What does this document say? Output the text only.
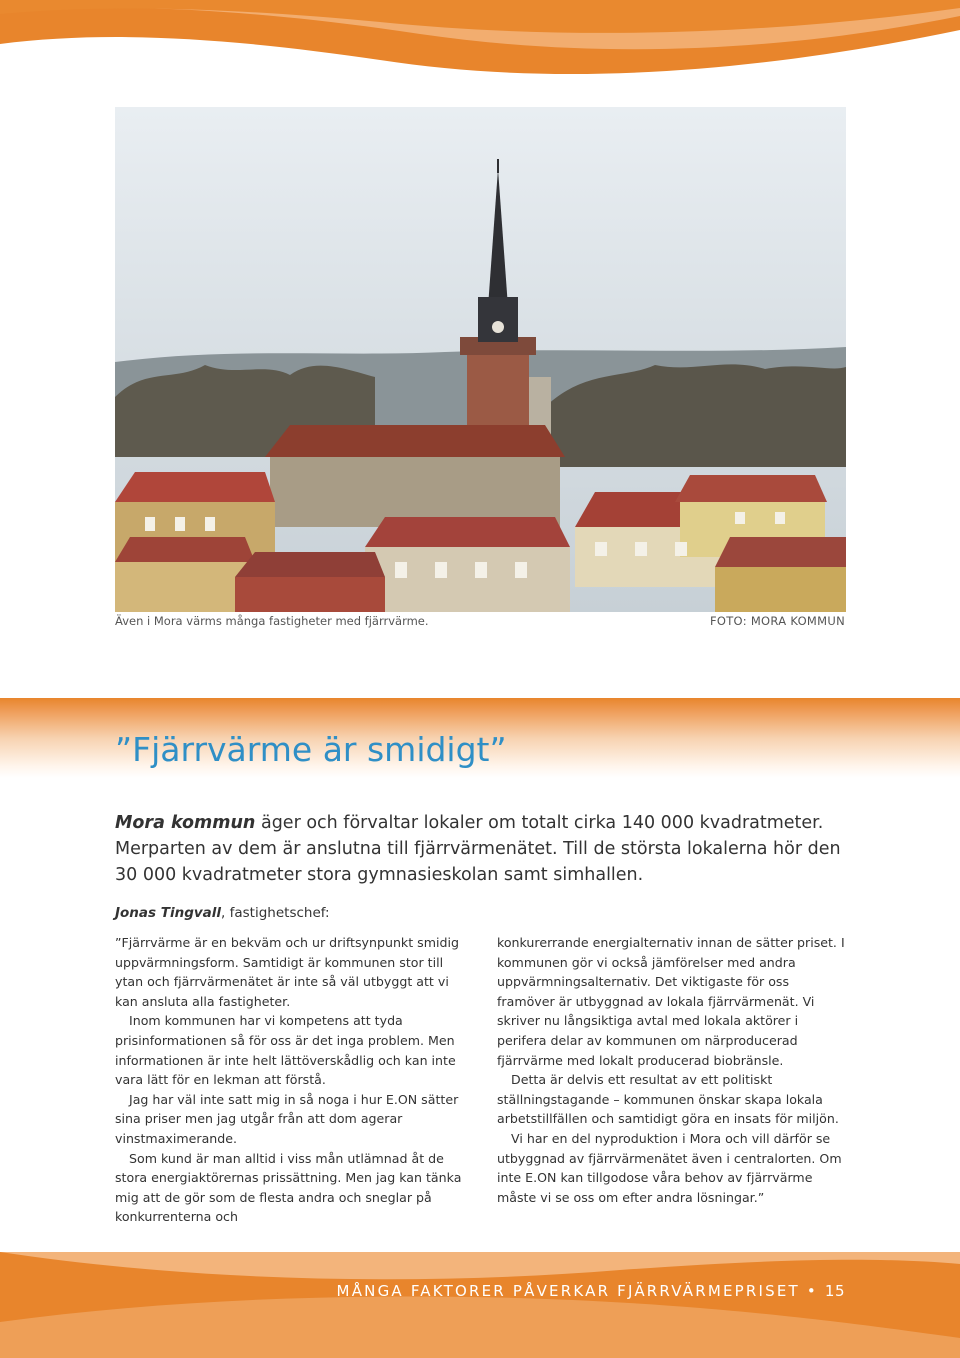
Även i Mora värms många fastigheter med fjärrvärme.	FOTO: MORA KOMMUN
”Fjärrvärme är smidigt”

Mora kommun äger och förvaltar lokaler om totalt cirka 140 000 kvadratmeter. Merparten av dem är anslutna till fjärrvärmenätet. Till de största lokalerna hör den 30 000 kvadratmeter stora gymnasieskolan samt simhallen.

Jonas Tingvall, fastighetschef:

”Fjärrvärme är en bekväm och ur driftsynpunkt smidig uppvärmningsform. Samtidigt är kommunen stor till ytan och fjärrvärmenätet är inte så väl utbyggt att vi kan ansluta alla fastigheter.

Inom kommunen har vi kompetens att tyda prisinformationen så för oss är det inga problem. Men informationen är inte helt lättöverskådlig och kan inte vara lätt för en lekman att förstå.

Jag har väl inte satt mig in så noga i hur E.ON sätter sina priser men jag utgår från att dom agerar vinstmaximerande.

Som kund är man alltid i viss mån utlämnad åt de stora energiaktörernas prissättning. Men jag kan tänka mig att de gör som de flesta andra och sneglar på konkurrenterna och

konkurerrande energialternativ innan de sätter priset. I kommunen gör vi också jämförelser med andra uppvärmningsalternativ. Det viktigaste för oss framöver är utbyggnad av lokala fjärrvärmenät. Vi skriver nu långsiktiga avtal med lokala aktörer i perifera delar av kommunen om närproducerad fjärrvärme med lokalt producerad biobränsle.

Detta är delvis ett resultat av ett politiskt ställningstagande – kommunen önskar skapa lokala arbetstillfällen och samtidigt göra en insats för miljön.

Vi har en del nyproduktion i Mora och vill därför se utbyggnad av fjärrvärmenätet även i centralorten. Om inte E.ON kan tillgodose våra behov av fjärrvärme måste vi se oss om efter andra lösningar.”

MÅNGA FAKTORER PÅVERKAR FJÄRRVÄRMEPRISET • 15
